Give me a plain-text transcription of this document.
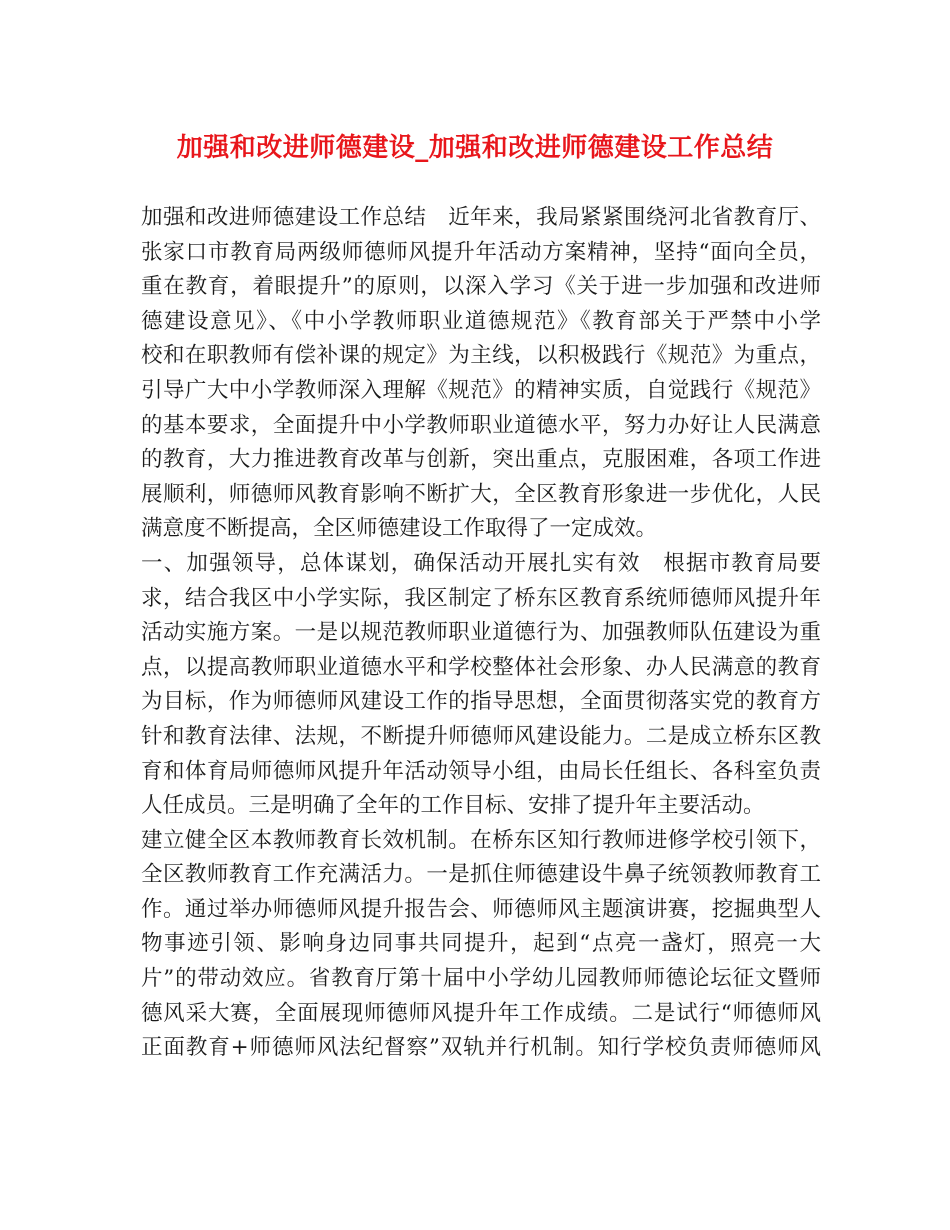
加强和改进师德建设_加强和改进师德建设工作总结
加强和改进师德建设工作总结　近年来，我局紧紧围绕河北省教育厅、
张家口市教育局两级师德师风提升年活动方案精神，坚持“面向全员，
重在教育，着眼提升”的原则，以深入学习《关于进一步加强和改进师
德建设意见》、《中小学教师职业道德规范》《教育部关于严禁中小学
校和在职教师有偿补课的规定》为主线，以积极践行《规范》为重点，
引导广大中小学教师深入理解《规范》的精神实质，自觉践行《规范》
的基本要求，全面提升中小学教师职业道德水平，努力办好让人民满意
的教育，大力推进教育改革与创新，突出重点，克服困难，各项工作进
展顺利，师德师风教育影响不断扩大，全区教育形象进一步优化，人民
满意度不断提高，全区师德建设工作取得了一定成效。
一、加强领导，总体谋划，确保活动开展扎实有效　根据市教育局要
求，结合我区中小学实际，我区制定了桥东区教育系统师德师风提升年
活动实施方案。一是以规范教师职业道德行为、加强教师队伍建设为重
点，以提高教师职业道德水平和学校整体社会形象、办人民满意的教育
为目标，作为师德师风建设工作的指导思想，全面贯彻落实党的教育方
针和教育法律、法规，不断提升师德师风建设能力。二是成立桥东区教
育和体育局师德师风提升年活动领导小组，由局长任组长、各科室负责
人任成员。三是明确了全年的工作目标、安排了提升年主要活动。
建立健全区本教师教育长效机制。在桥东区知行教师进修学校引领下，
全区教师教育工作充满活力。一是抓住师德建设牛鼻子统领教师教育工
作。通过举办师德师风提升报告会、师德师风主题演讲赛，挖掘典型人
物事迹引领、影响身边同事共同提升，起到“点亮一盏灯，照亮一大
片”的带动效应。省教育厅第十届中小学幼儿园教师师德论坛征文暨师
德风采大赛，全面展现师德师风提升年工作成绩。二是试行“师德师风
正面教育+师德师风法纪督察”双轨并行机制。知行学校负责师德师风
